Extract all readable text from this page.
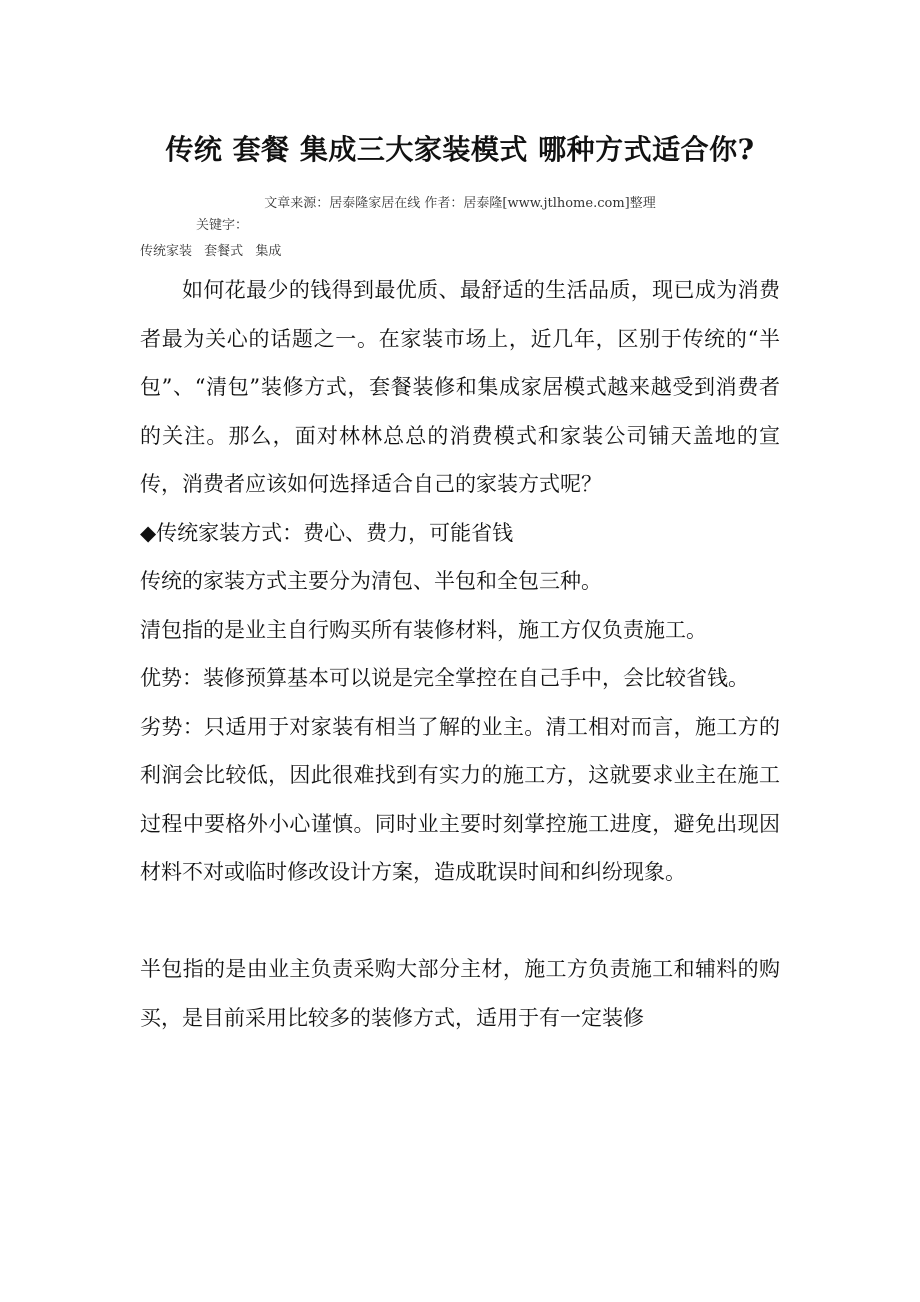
传统 套餐 集成三大家装模式 哪种方式适合你?
文章来源：居泰隆家居在线 作者：居泰隆[www.jtlhome.com]整理
关键字：
传统家装 套餐式 集成

如何花最少的钱得到最优质、最舒适的生活品质，现已成为消费者最为关心的话题之一。在家装市场上，近几年，区别于传统的“半包”、“清包”装修方式，套餐装修和集成家居模式越来越受到消费者的关注。那么，面对林林总总的消费模式和家装公司铺天盖地的宣传，消费者应该如何选择适合自己的家装方式呢？

◆传统家装方式：费心、费力，可能省钱

传统的家装方式主要分为清包、半包和全包三种。

清包指的是业主自行购买所有装修材料，施工方仅负责施工。

优势：装修预算基本可以说是完全掌控在自己手中，会比较省钱。

劣势：只适用于对家装有相当了解的业主。清工相对而言，施工方的利润会比较低，因此很难找到有实力的施工方，这就要求业主在施工过程中要格外小心谨慎。同时业主要时刻掌控施工进度，避免出现因材料不对或临时修改设计方案，造成耽误时间和纠纷现象。

半包指的是由业主负责采购大部分主材，施工方负责施工和辅料的购买，是目前采用比较多的装修方式，适用于有一定装修
